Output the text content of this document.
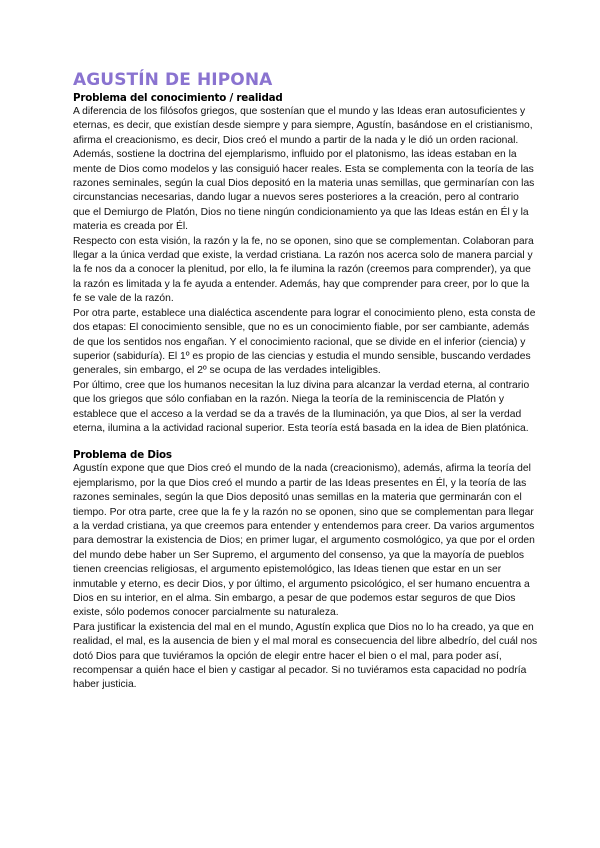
AGUSTÍN DE HIPONA
Problema del conocimiento / realidad

A diferencia de los filósofos griegos, que sostenían que el mundo y las Ideas eran autosuficientes y eternas, es decir, que existían desde siempre y para siempre, Agustín, basándose en el cristianismo, afirma el creacionismo, es decir, Dios creó el mundo a partir de la nada y le dió un orden racional. Además, sostiene la doctrina del ejemplarismo, influido por el platonismo, las ideas estaban en la mente de Dios como modelos y las consiguió hacer reales. Esta se complementa con la teoría de las razones seminales, según la cual Dios depositó en la materia unas semillas, que germinarían con las circunstancias necesarias, dando lugar a nuevos seres posteriores a la creación, pero al contrario que el Demiurgo de Platón, Dios no tiene ningún condicionamiento ya que las Ideas están en Él y la materia es creada por Él.

Respecto con esta visión, la razón y la fe, no se oponen, sino que se complementan. Colaboran para llegar a la única verdad que existe, la verdad cristiana. La razón nos acerca solo de manera parcial y la fe nos da a conocer la plenitud, por ello, la fe ilumina la razón (creemos para comprender), ya que la razón es limitada y la fe ayuda a entender. Además, hay que comprender para creer, por lo que la fe se vale de la razón.

Por otra parte, establece una dialéctica ascendente para lograr el conocimiento pleno, esta consta de dos etapas: El conocimiento sensible, que no es un conocimiento fiable, por ser cambiante, además de que los sentidos nos engañan. Y el conocimiento racional, que se divide en el inferior (ciencia) y superior (sabiduría). El 1º es propio de las ciencias y estudia el mundo sensible, buscando verdades generales, sin embargo, el 2º se ocupa de las verdades inteligibles.

Por último, cree que los humanos necesitan la luz divina para alcanzar la verdad eterna, al contrario que los griegos que sólo confiaban en la razón. Niega la teoría de la reminiscencia de Platón y establece que el acceso a la verdad se da a través de la Iluminación, ya que Dios, al ser la verdad eterna, ilumina a la actividad racional superior. Esta teoría está basada en la idea de Bien platónica.

Problema de Dios

Agustín expone que que Dios creó el mundo de la nada (creacionismo), además, afirma la teoría del ejemplarismo, por la que Dios creó el mundo a partir de las Ideas presentes en Él, y la teoría de las razones seminales, según la que Dios depositó unas semillas en la materia que germinarán con el tiempo. Por otra parte, cree que la fe y la razón no se oponen, sino que se complementan para llegar a la verdad cristiana, ya que creemos para entender y entendemos para creer. Da varios argumentos para demostrar la existencia de Dios; en primer lugar, el argumento cosmológico, ya que por el orden del mundo debe haber un Ser Supremo, el argumento del consenso, ya que la mayoría de pueblos tienen creencias religiosas, el argumento epistemológico, las Ideas tienen que estar en un ser inmutable y eterno, es decir Dios, y por último, el argumento psicológico, el ser humano encuentra a Dios en su interior, en el alma. Sin embargo, a pesar de que podemos estar seguros de que Dios existe, sólo podemos conocer parcialmente su naturaleza.

Para justificar la existencia del mal en el mundo, Agustín explica que Dios no lo ha creado, ya que en realidad, el mal, es la ausencia de bien y el mal moral es consecuencia del libre albedrío, del cuál nos dotó Dios para que tuviéramos la opción de elegir entre hacer el bien o el mal, para poder así, recompensar a quién hace el bien y castigar al pecador. Si no tuviéramos esta capacidad no podría haber justicia.
